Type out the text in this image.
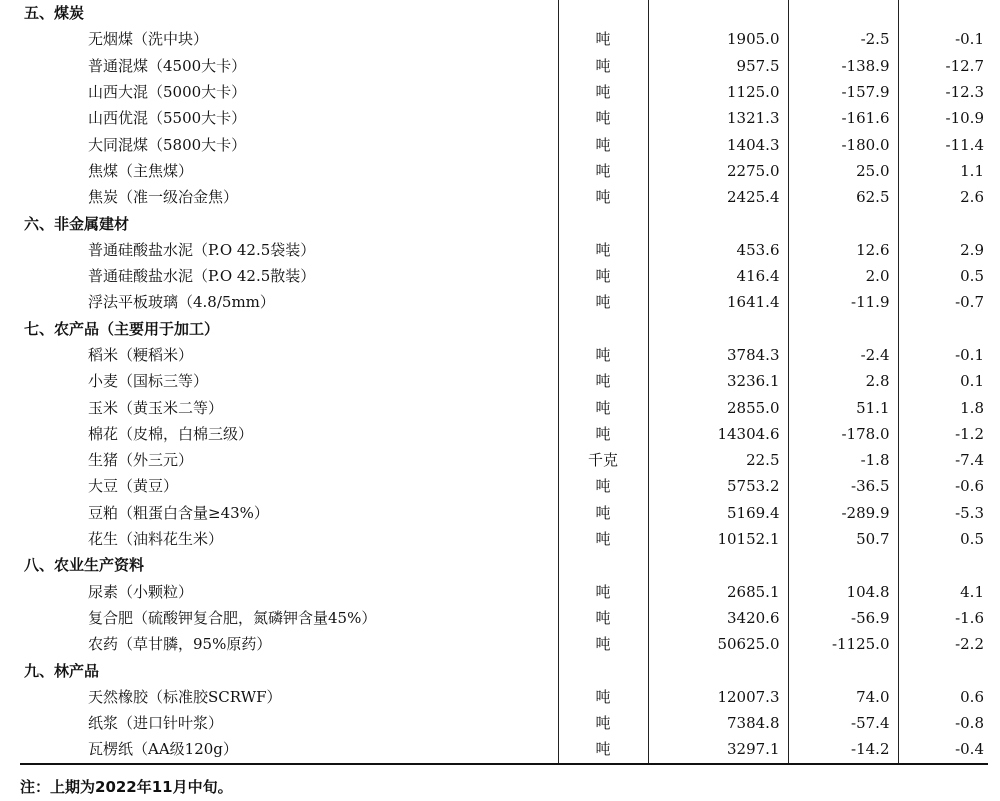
五、煤炭				
无烟煤（洗中块）	吨	1905.0	-2.5	-0.1
普通混煤（4500大卡）	吨	957.5	-138.9	-12.7
山西大混（5000大卡）	吨	1125.0	-157.9	-12.3
山西优混（5500大卡）	吨	1321.3	-161.6	-10.9
大同混煤（5800大卡）	吨	1404.3	-180.0	-11.4
焦煤（主焦煤）	吨	2275.0	25.0	1.1
焦炭（准一级冶金焦）	吨	2425.4	62.5	2.6
六、非金属建材				
普通硅酸盐水泥（P.O 42.5袋装）	吨	453.6	12.6	2.9
普通硅酸盐水泥（P.O 42.5散装）	吨	416.4	2.0	0.5
浮法平板玻璃（4.8/5mm）	吨	1641.4	-11.9	-0.7
七、农产品（主要用于加工）				
稻米（粳稻米）	吨	3784.3	-2.4	-0.1
小麦（国标三等）	吨	3236.1	2.8	0.1
玉米（黄玉米二等）	吨	2855.0	51.1	1.8
棉花（皮棉，白棉三级）	吨	14304.6	-178.0	-1.2
生猪（外三元）	千克	22.5	-1.8	-7.4
大豆（黄豆）	吨	5753.2	-36.5	-0.6
豆粕（粗蛋白含量≥43%）	吨	5169.4	-289.9	-5.3
花生（油料花生米）	吨	10152.1	50.7	0.5
八、农业生产资料				
尿素（小颗粒）	吨	2685.1	104.8	4.1
复合肥（硫酸钾复合肥，氮磷钾含量45%）	吨	3420.6	-56.9	-1.6
农药（草甘膦，95%原药）	吨	50625.0	-1125.0	-2.2
九、林产品				
天然橡胶（标准胶SCRWF）	吨	12007.3	74.0	0.6
纸浆（进口针叶浆）	吨	7384.8	-57.4	-0.8
瓦楞纸（AA级120g）	吨	3297.1	-14.2	-0.4
注：上期为2022年11月中旬。
